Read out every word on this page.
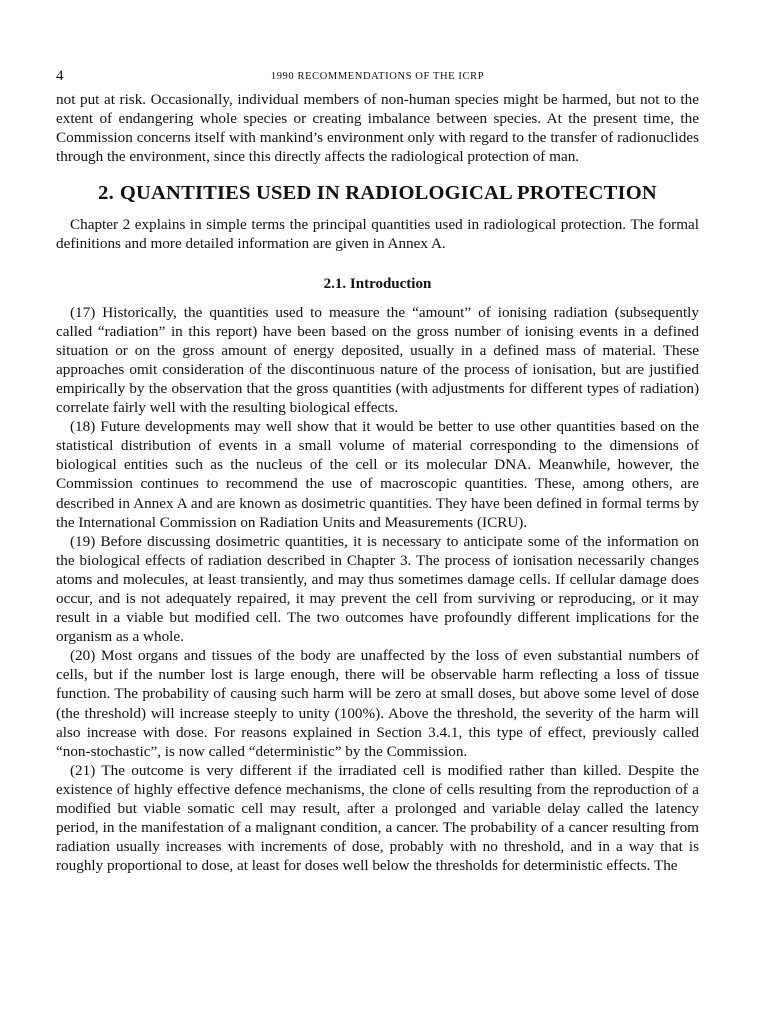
4	1990 RECOMMENDATIONS OF THE ICRP

not put at risk. Occasionally, individual members of non-human species might be harmed, but not to the extent of endangering whole species or creating imbalance between species. At the present time, the Commission concerns itself with mankind’s environment only with regard to the transfer of radionuclides through the environment, since this directly affects the radiological protection of man.

2. QUANTITIES USED IN RADIOLOGICAL PROTECTION

Chapter 2 explains in simple terms the principal quantities used in radiological protection. The formal definitions and more detailed information are given in Annex A.

2.1. Introduction

(17) Historically, the quantities used to measure the “amount” of ionising radiation (subsequently called “radiation” in this report) have been based on the gross number of ionising events in a defined situation or on the gross amount of energy deposited, usually in a defined mass of material. These approaches omit consideration of the discontinuous nature of the process of ionisation, but are justified empirically by the observation that the gross quantities (with adjustments for different types of radiation) correlate fairly well with the resulting biological effects.

(18) Future developments may well show that it would be better to use other quantities based on the statistical distribution of events in a small volume of material corresponding to the dimensions of biological entities such as the nucleus of the cell or its molecular DNA. Meanwhile, however, the Commission continues to recommend the use of macroscopic quantities. These, among others, are described in Annex A and are known as dosimetric quantities. They have been defined in formal terms by the International Commission on Radiation Units and Measurements (ICRU).

(19) Before discussing dosimetric quantities, it is necessary to anticipate some of the information on the biological effects of radiation described in Chapter 3. The process of ionisation necessarily changes atoms and molecules, at least transiently, and may thus sometimes damage cells. If cellular damage does occur, and is not adequately repaired, it may prevent the cell from surviving or reproducing, or it may result in a viable but modified cell. The two outcomes have profoundly different implications for the organism as a whole.

(20) Most organs and tissues of the body are unaffected by the loss of even substantial numbers of cells, but if the number lost is large enough, there will be observable harm reflecting a loss of tissue function. The probability of causing such harm will be zero at small doses, but above some level of dose (the threshold) will increase steeply to unity (100%). Above the threshold, the severity of the harm will also increase with dose. For reasons explained in Section 3.4.1, this type of effect, previously called “non-stochastic”, is now called “deterministic” by the Commission.

(21) The outcome is very different if the irradiated cell is modified rather than killed. Despite the existence of highly effective defence mechanisms, the clone of cells resulting from the reproduction of a modified but viable somatic cell may result, after a prolonged and variable delay called the latency period, in the manifestation of a malignant condition, a cancer. The probability of a cancer resulting from radiation usually increases with increments of dose, probably with no threshold, and in a way that is roughly proportional to dose, at least for doses well below the thresholds for deterministic effects. The
